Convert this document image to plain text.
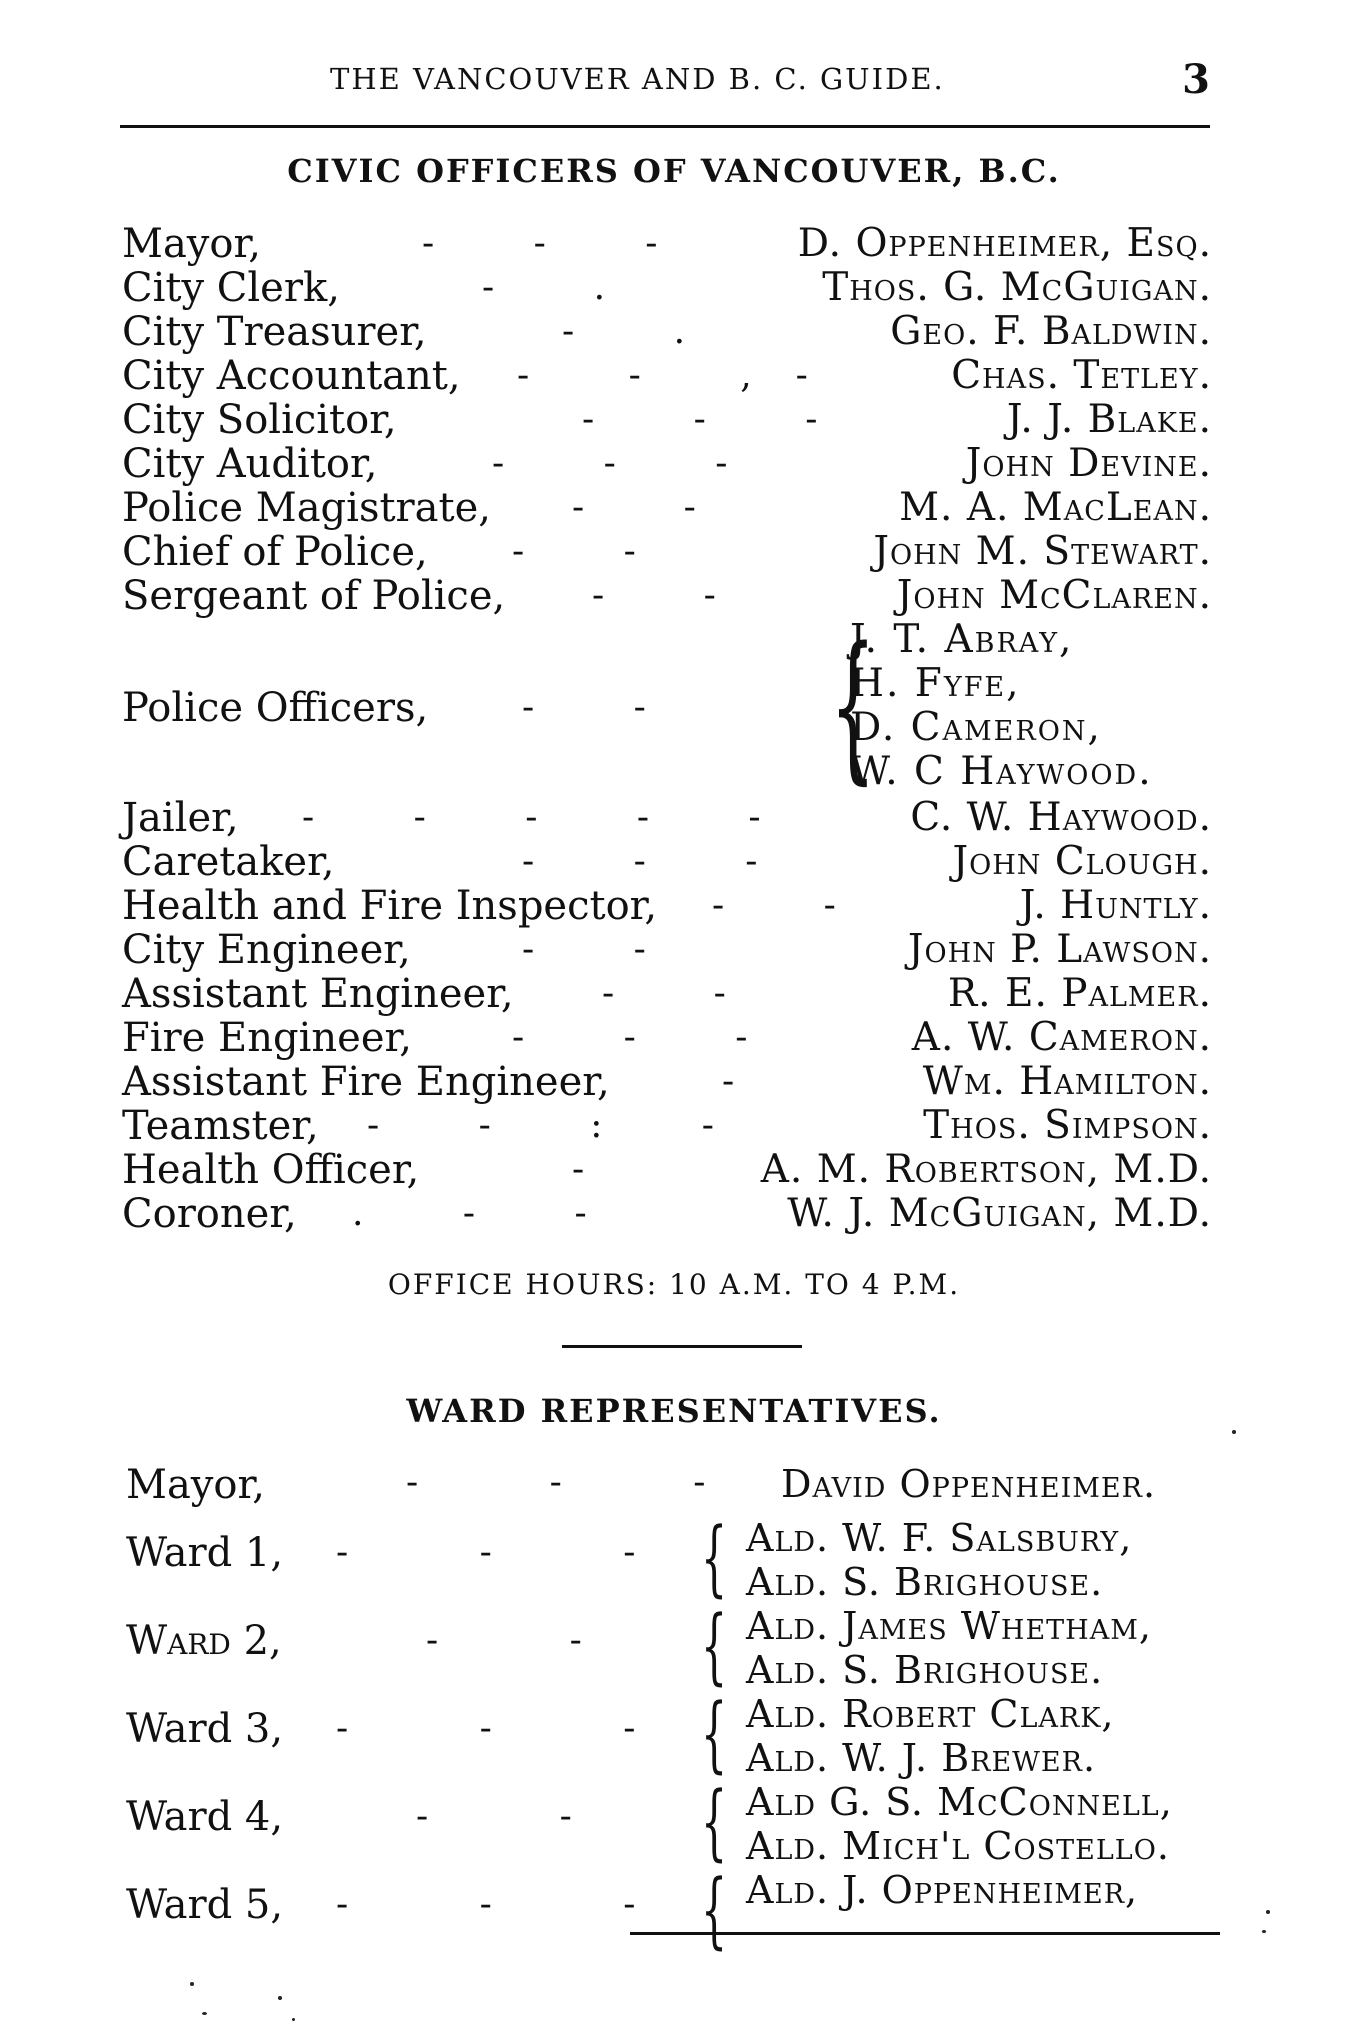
THE VANCOUVER AND B. C. GUIDE.	3
CIVIC OFFICERS OF VANCOUVER, B.C.
Mayor,	- - - D. Oppenheimer, Esq.
City Clerk,	- .	Thos. G. McGuigan.
City Treasurer,	- .	Geo. F. Baldwin.
City Accountant, - - ,-	Chas. Tetley.
City Solicitor,	- - -	J. J. Blake.
City Auditor,	- - -	John Devine.
Police Magistrate, - -	M. A. MacLean.
Chief of Police, - -	John M. Stewart.
Sergeant of Police, - -	John McClaren.
Police Officers,	- - {
J. T. Abray,
H. Fyfe,
D. Cameron,
W. C Haywood.
Jailer, - - - - -	C. W. Haywood.
Caretaker,	- - -	John Clough.
Health and Fire Inspector, - -	J. Huntly.
City Engineer,	- -	John P. Lawson.
Assistant Engineer, - -	R. E. Palmer.
Fire Engineer,	- - -	A. W. Cameron.
Assistant Fire Engineer,	-	Wm. Hamilton.
Teamster, - - : -	Thos. Simpson.
Health Officer,	-	A. M. Robertson, M.D.
Coroner, . - -	W. J. McGuigan, M.D.
OFFICE HOURS: 10 A.M. TO 4 P.M.
WARD REPRESENTATIVES.
Mayor,	- - - David Oppenheimer.
Ward 1, - - - { Ald. W. F. Salsbury,
Ald. S. Brighouse.
Ward 2,	- - { Ald. James Whetham,
Ald. S. Brighouse.
Ward 3, - - - { Ald. Robert Clark,
Ald. W. J. Brewer.
Ward 4,	- - { Ald G. S. McConnell,
Ald. Mich'l Costello.
Ward 5, - - - { Ald. J. Oppenheimer,
